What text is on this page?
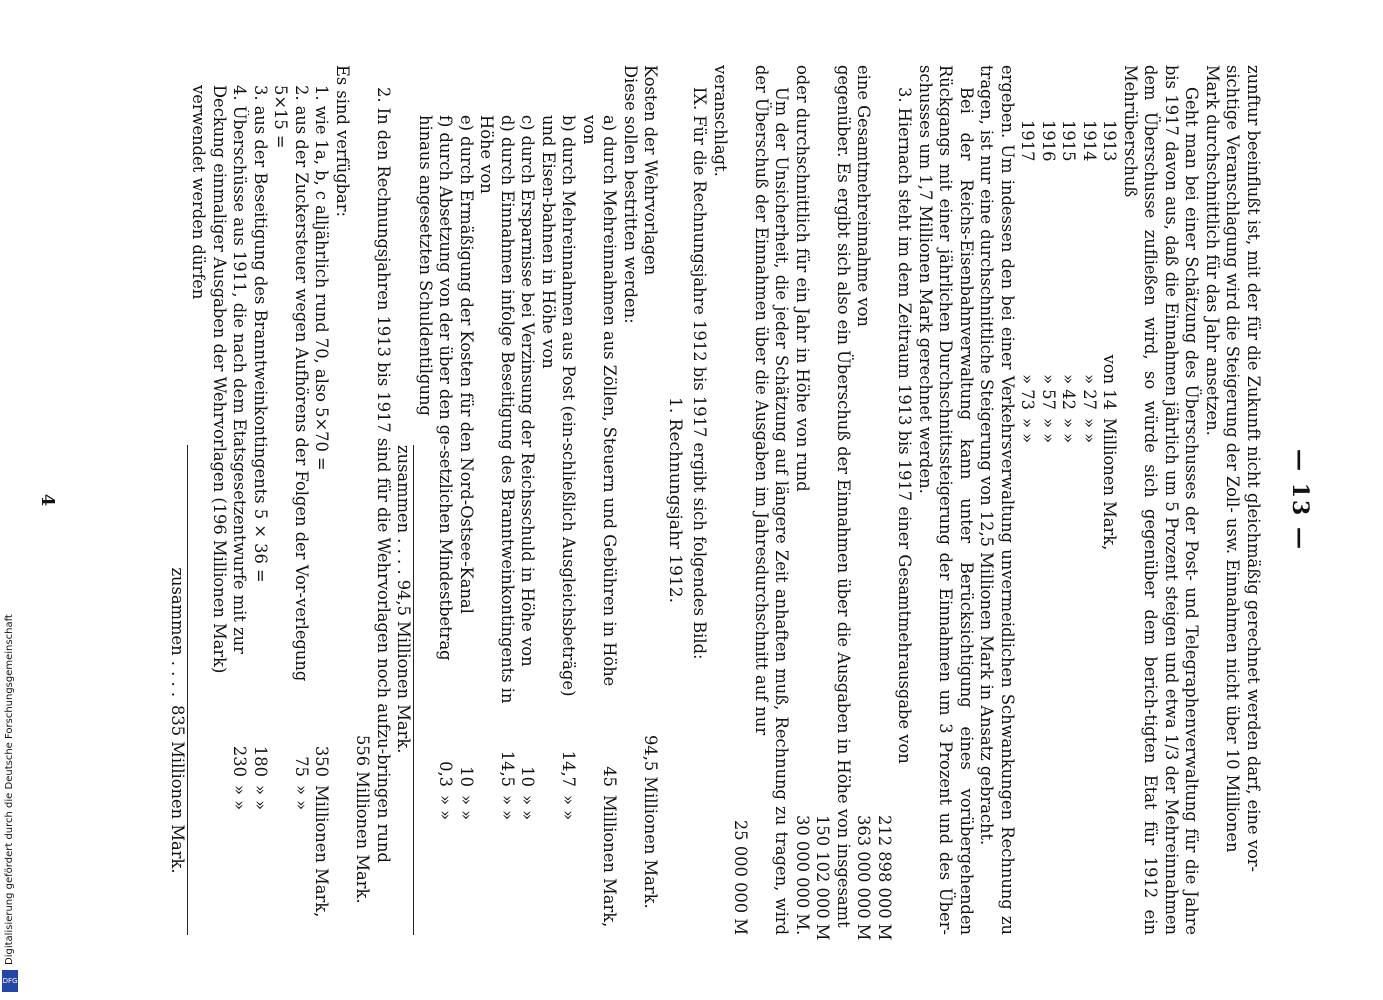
— 13 —

zunftur beeinflußt ist, mit der für die Zukunft nicht gleichmäßig gerechnet werden darf, eine vor-

sichtige Veranschlagung wird die Steigerung der Zoll- usw. Einnahmen nicht über 10 Millionen

Mark durchschnittlich für das Jahr ansetzen.

Geht man bei einer Schätzung des Überschusses der Post- und Telegraphenverwaltung für die Jahre bis 1917 davon aus, daß die Einnahmen jährlich um 5 Prozent steigen und etwa 1/3 der Mehreinnahmen dem Überschusse zufließen wird, so würde sich gegenüber dem berich-tigten Etat für 1912 ein Mehrüberschuß

1913
von 14
Millionen Mark,
1914
» 27
» »
1915
» 42
» »
1916
» 57
» »
1917
» 73
» »

ergeben. Um indessen den bei einer Verkehrsverwaltung unvermeidlichen Schwankungen Rechnung zu tragen, ist nur eine durchschnittliche Steigerung von 12,5 Millionen Mark in Ansatz gebracht.

Bei der Reichs-Eisenbahnverwaltung kann unter Berücksichtigung eines vorübergehenden Rückgangs mit einer jährlichen Durchschnittssteigerung der Einnahmen um 3 Prozent und des Über-schusses um 1,7 Millionen Mark gerechnet werden.

3. Hiernach steht im dem Zeitraum 1913 bis 1917 einer Gesamtmehrausgabe von

212 898 000 M
eine Gesamtmehreinnahme von
363 000 000 M

gegenüber. Es ergibt sich also ein Überschuß der Einnahmen über die Ausgaben in Höhe von insgesamt

150 102 000 M
oder durchschnittlich für ein Jahr in Höhe von rund
30 000 000 M.

Um der Unsicherheit, die jeder Schätzung auf längere Zeit anhaften muß, Rechnung zu tragen, wird der Überschuß der Einnahmen über die Ausgaben im Jahresdurchschnitt auf nur

25 000 000 M

veranschlagt.

IX. Für die Rechnungsjahre 1912 bis 1917 ergibt sich folgendes Bild:

1. Rechnungsjahr 1912.
Kosten der Wehrvorlagen
94,5 Millionen Mark.

Diese sollen bestritten werden:

a) durch Mehreinnahmen aus Zöllen, Steuern und Gebühren in Höhe von
45
Millionen Mark,
b) durch Mehreinnahmen aus Post (ein-schließlich Ausgleichsbeträge) und Eisen-bahnen in Höhe von
14,7
» »
c) durch Ersparnisse bei Verzinsung der Reichsschuld in Höhe von
10
» »
d) durch Einnahmen infolge Beseitigung des Branntweinkontingents in Höhe von
14,5
» »
e) durch Ermäßigung der Kosten für den Nord-Ostsee-Kanal
10
» »
f) durch Absetzung von der über den ge-setzlichen Mindestbetrag hinaus angesetzten Schuldentilgung
0,3
» »
zusammen . . . . 94,5 Millionen Mark.

2. In den Rechnungsjahren 1913 bis 1917 sind für die Wehrvorlagen noch aufzu-bringen rund

556 Millionen Mark.

Es sind verfügbar:

1. wie 1a, b, c alljährlich rund 70, also 5×70 =
350
Millionen Mark,
2. aus der Zuckersteuer wegen Aufhörens der Folgen der Vor-verlegung 5×15 =
75
» »
3. aus der Beseitigung des Branntweinkontingents 5 × 36 =
180
» »
4. Überschüsse aus 1911, die nach dem Etatsgesetzentwurfe mit zur Deckung einmaliger Ausgaben der Wehrvorlagen (196 Millionen Mark) verwendet werden dürfen
230
» »
zusammen . . . .
835 Millionen Mark.
4
Digitalisierung gefördert durch die Deutsche Forschungsgemeinschaft
DFG
